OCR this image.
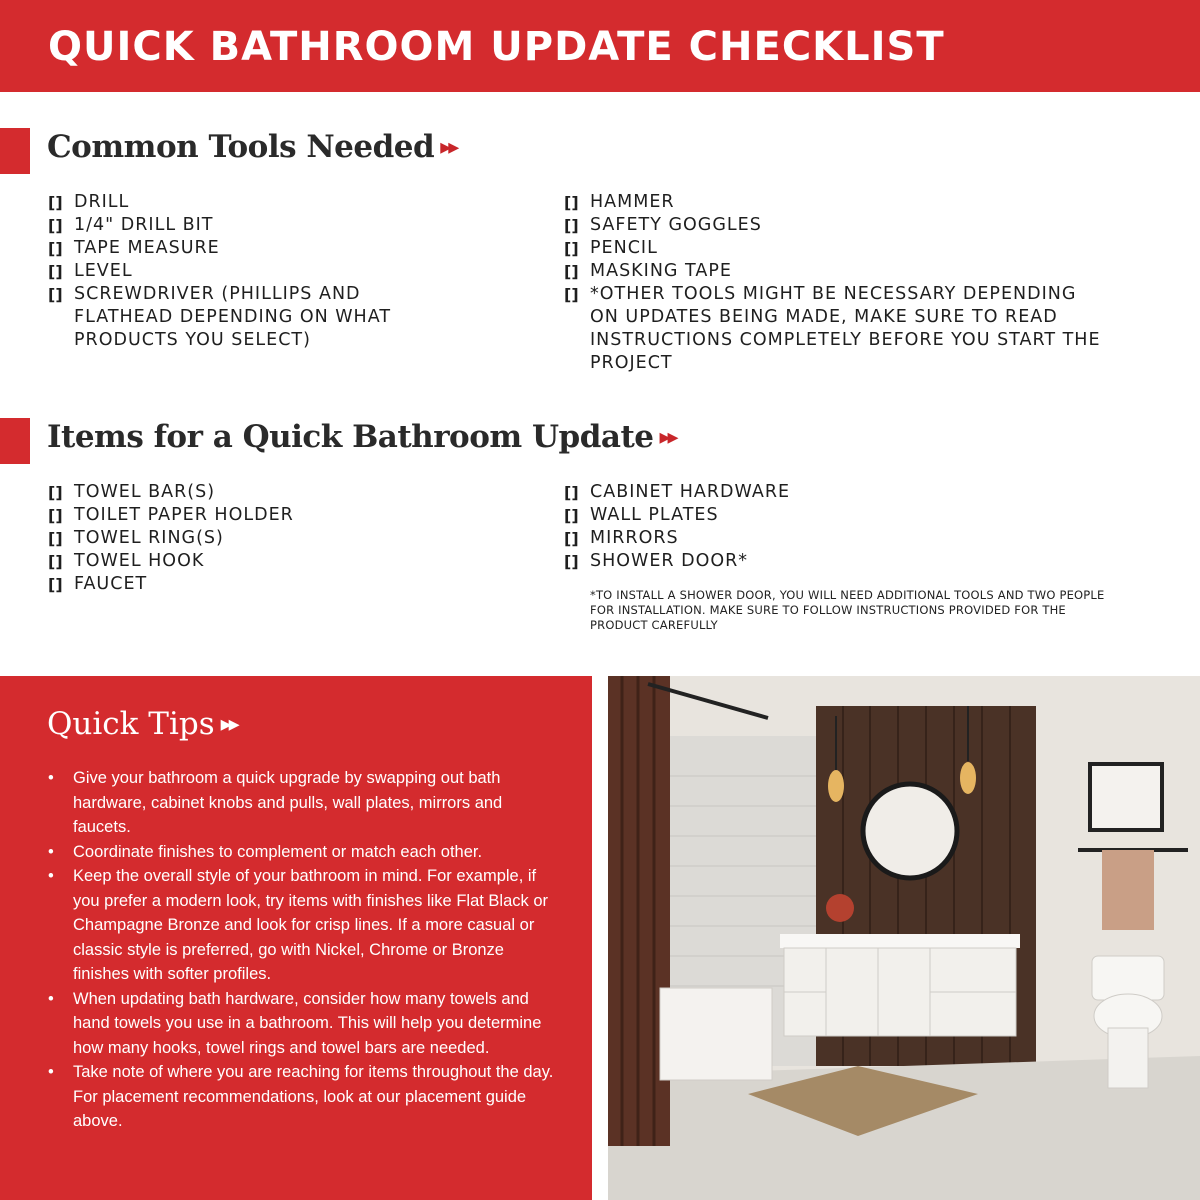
QUICK BATHROOM UPDATE CHECKLIST
Common Tools Needed ▸▸
[] DRILL
[] 1/4" DRILL BIT
[] TAPE MEASURE
[] LEVEL
[] SCREWDRIVER (PHILLIPS AND FLATHEAD DEPENDING ON WHAT PRODUCTS YOU SELECT)
[] HAMMER
[] SAFETY GOGGLES
[] PENCIL
[] MASKING TAPE
[] *OTHER TOOLS MIGHT BE NECESSARY DEPENDING ON UPDATES BEING MADE, MAKE SURE TO READ INSTRUCTIONS COMPLETELY BEFORE YOU START THE PROJECT
Items for a Quick Bathroom Update ▸▸
[] TOWEL BAR(S)
[] TOILET PAPER HOLDER
[] TOWEL RING(S)
[] TOWEL HOOK
[] FAUCET
[] CABINET HARDWARE
[] WALL PLATES
[] MIRRORS
[] SHOWER DOOR*
*TO INSTALL A SHOWER DOOR, YOU WILL NEED ADDITIONAL TOOLS AND TWO PEOPLE FOR INSTALLATION. MAKE SURE TO FOLLOW INSTRUCTIONS PROVIDED FOR THE PRODUCT CAREFULLY
Quick Tips ▸▸
• Give your bathroom a quick upgrade by swapping out bath hardware, cabinet knobs and pulls, wall plates, mirrors and faucets.
• Coordinate finishes to complement or match each other.
• Keep the overall style of your bathroom in mind. For example, if you prefer a modern look, try items with finishes like Flat Black or Champagne Bronze and look for crisp lines. If a more casual or classic style is preferred, go with Nickel, Chrome or Bronze finishes with softer profiles.
• When updating bath hardware, consider how many towels and hand towels you use in a bathroom. This will help you determine how many hooks, towel rings and towel bars are needed.
• Take note of where you are reaching for items throughout the day. For placement recommendations, look at our placement guide above.
